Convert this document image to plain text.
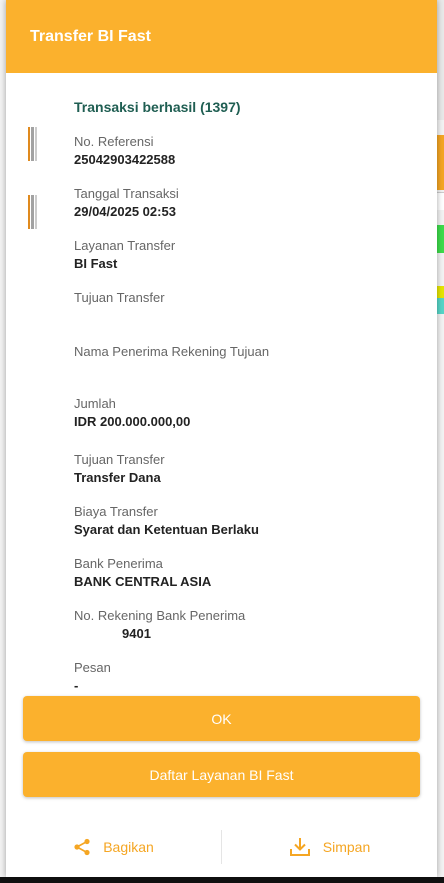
Transfer BI Fast
Transaksi berhasil (1397)
No. Referensi
25042903422588
Tanggal Transaksi
29/04/2025 02:53
Layanan Transfer
BI Fast
Tujuan Transfer
Nama Penerima Rekening Tujuan
Jumlah
IDR 200.000.000,00
Tujuan Transfer
Transfer Dana
Biaya Transfer
Syarat dan Ketentuan Berlaku
Bank Penerima
BANK CENTRAL ASIA
No. Rekening Bank Penerima
9401
Pesan
-
OK
Daftar Layanan BI Fast
Bagikan	Simpan
